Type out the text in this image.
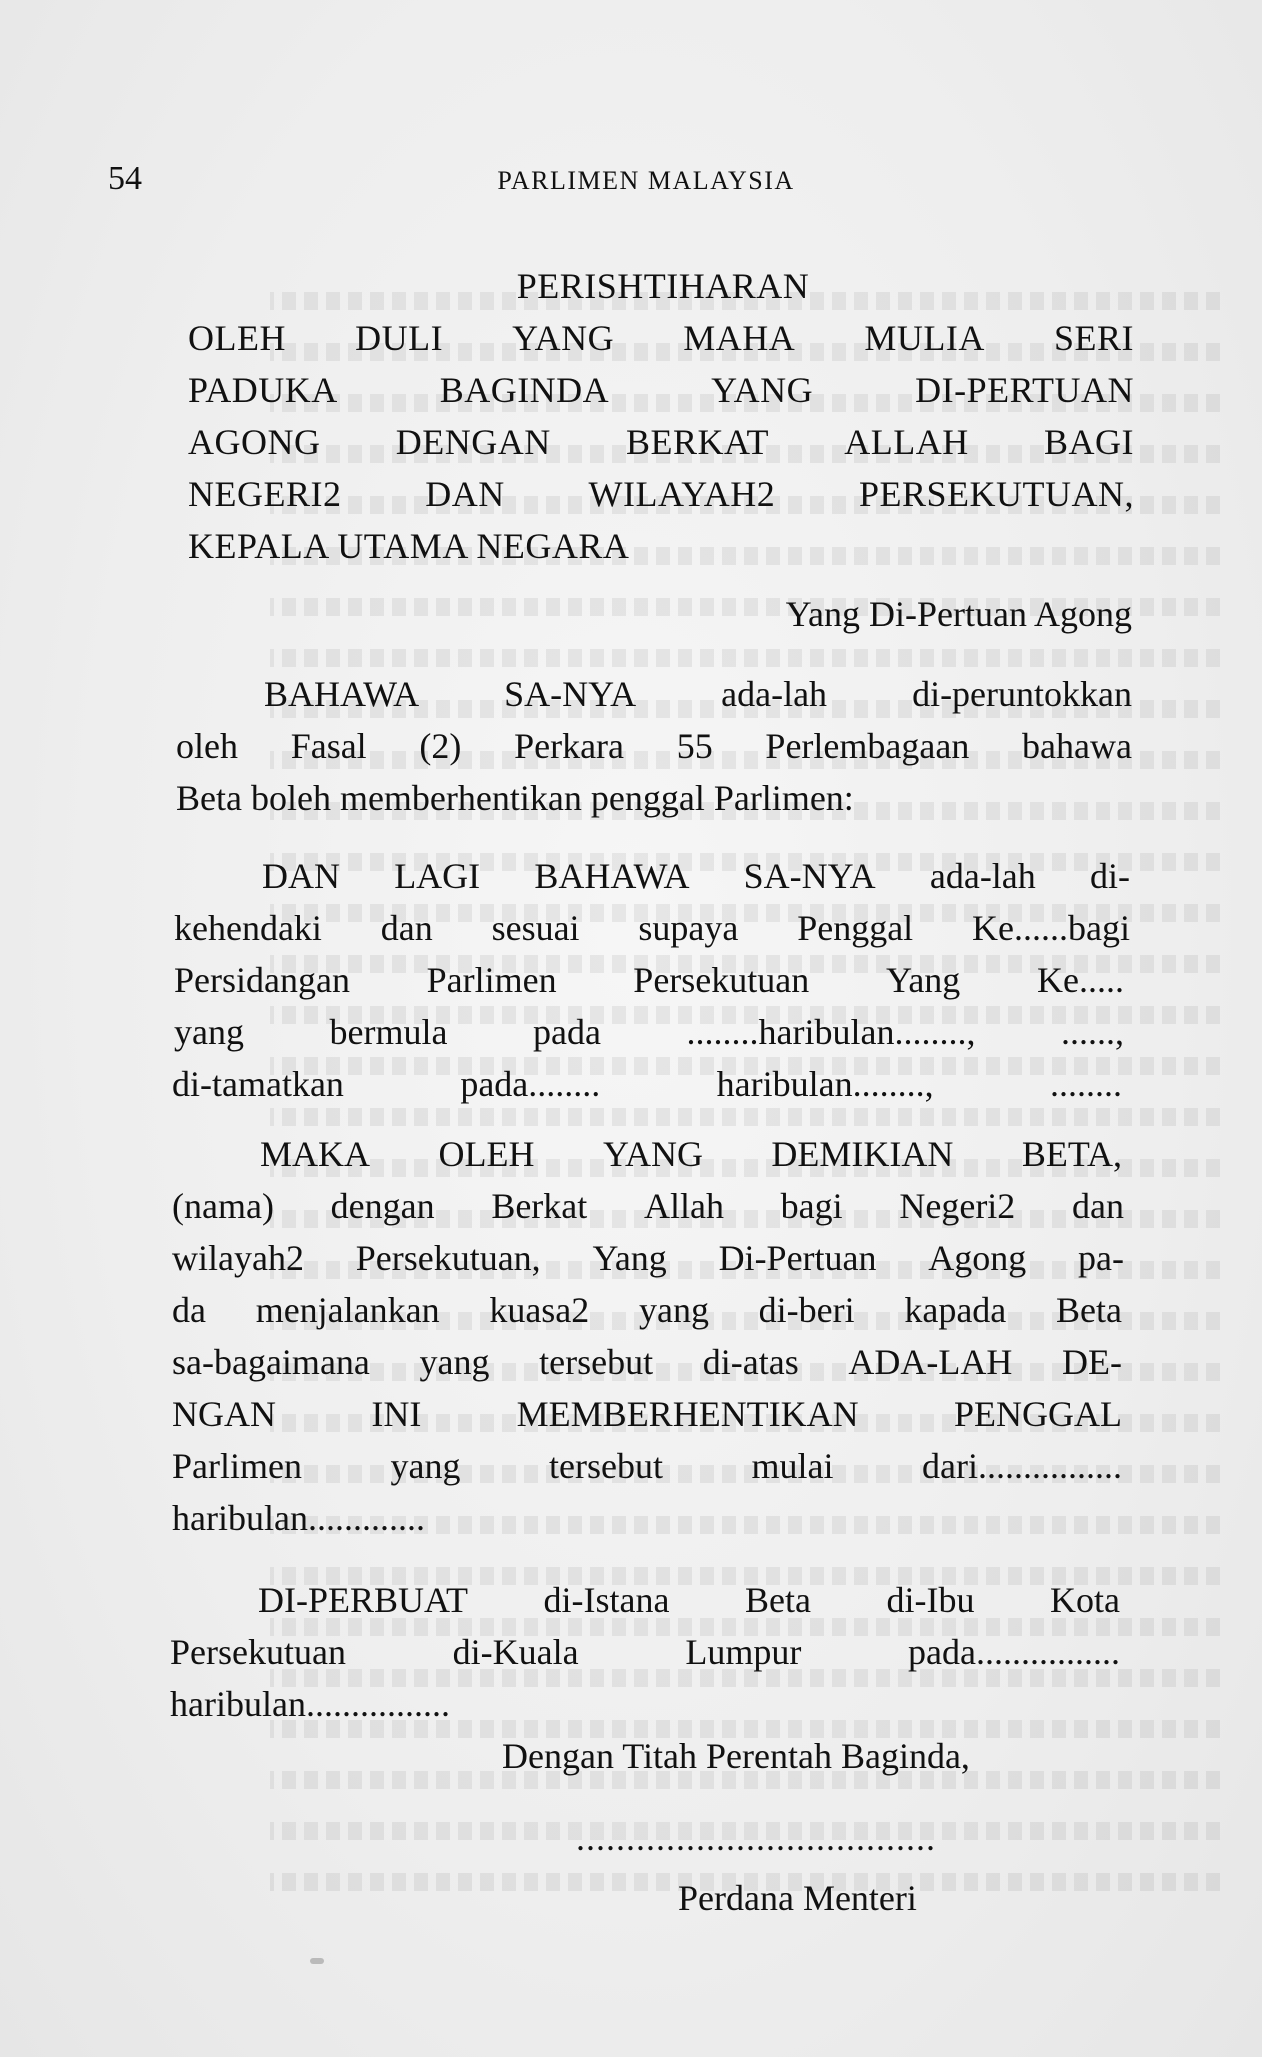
54	PARLIMEN MALAYSIA
PERISHTIHARAN
OLEH DULI YANG MAHA MULIA SERI
PADUKA	BAGINDA	YANG	DI-PERTUAN
AGONG DENGAN BERKAT ALLAH BAGI
NEGERI2 DAN WILAYAH2 PERSEKUTUAN,
KEPALA UTAMA NEGARA
Yang Di-Pertuan Agong
BAHAWA SA-NYA ada-lah di-peruntokkan
oleh Fasal (2) Perkara 55 Perlembagaan bahawa
Beta boleh memberhentikan penggal Parlimen:
DAN LAGI BAHAWA SA-NYA ada-lah di-
kehendaki dan sesuai supaya Penggal Ke......bagi
Persidangan Parlimen Persekutuan Yang Ke.....
yang bermula pada ........haribulan........, ......,
di-tamatkan	pada........	haribulan........,	........
MAKA OLEH YANG DEMIKIAN BETA,
(nama) dengan Berkat Allah bagi Negeri2 dan
wilayah2 Persekutuan, Yang Di-Pertuan Agong pa-
da menjalankan kuasa2 yang di-beri kapada Beta
sa-bagaimana yang tersebut di-atas ADA-LAH DE-
NGAN	INI	MEMBERHENTIKAN	PENGGAL
Parlimen yang tersebut mulai dari................
haribulan.............
DI-PERBUAT di-Istana Beta di-Ibu Kota
Persekutuan	di-Kuala	Lumpur	pada................
haribulan................
Dengan Titah Perentah Baginda,
....................................
Perdana Menteri
